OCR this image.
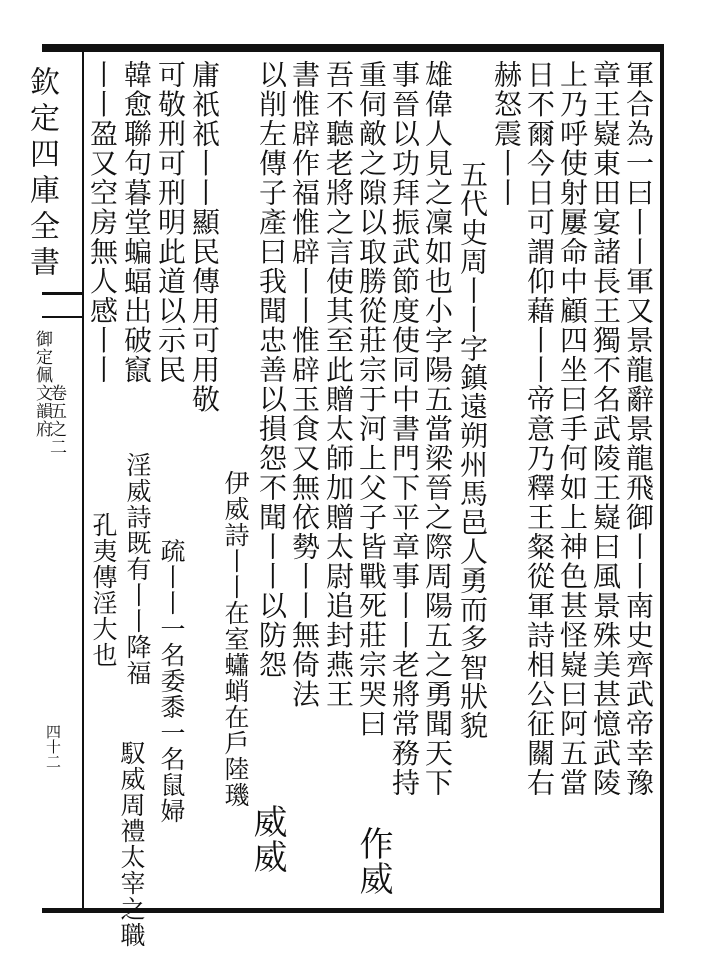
欽定四庫全書
御定佩文韻府
卷五之二
四十二	軍合為一曰丨丨軍又景龍辭景龍飛御丨丨南史齊武帝幸豫
章王嶷東田宴諸長王獨不名武陵王嶷曰風景殊美甚憶武陵
上乃呼使射屢命中顧四坐曰手何如上神色甚怪嶷曰阿五當
日不爾今日可謂仰藉丨丨帝意乃釋王粲從軍詩相公征關右
赫怒震丨丨
五代史周丨丨字鎮遠朔州馬邑人勇而多智狀貌
雄偉人見之凜如也小字陽五當梁晉之際周陽五之勇聞天下
事晉以功拜振武節度使同中書門下平章事丨丨老將常務持
重伺敵之隙以取勝從莊宗于河上父子皆戰死莊宗哭曰
作威
吾不聽老將之言使其至此贈太師加贈太尉追封燕王
書惟辟作福惟辟丨丨惟辟玉食又無依勢丨丨無倚法
以削左傳子產曰我聞忠善以損怨不聞丨丨以防怨
威威
庸祇祇丨丨顯民傳用可用敬
伊威詩丨丨在室蠨蛸在戶陸璣
可敬刑可刑明此道以示民
疏丨丨一名委黍一名鼠婦
韓愈聯句暮堂蝙蝠出破竄
丨丨盈又空房無人感丨丨
淫威詩既有丨丨降福
孔夷傳淫大也
馭威周禮太宰之職
